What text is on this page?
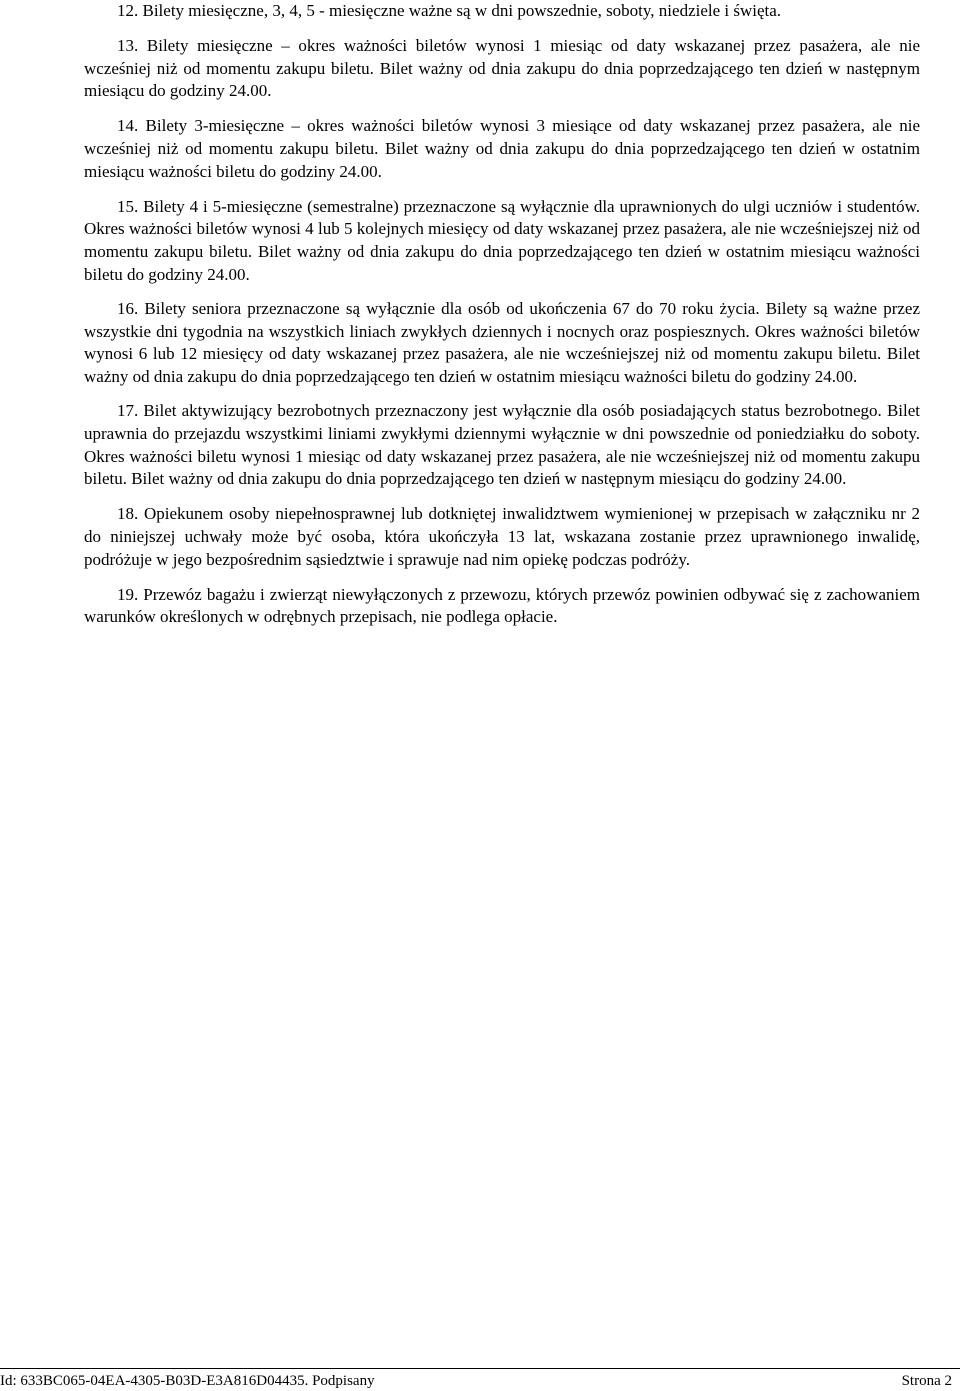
12. Bilety miesięczne, 3, 4, 5 - miesięczne ważne są w dni powszednie, soboty, niedziele i święta.

13. Bilety miesięczne – okres ważności biletów wynosi 1 miesiąc od daty wskazanej przez pasażera, ale nie wcześniej niż od momentu zakupu biletu. Bilet ważny od dnia zakupu do dnia poprzedzającego ten dzień w następnym miesiącu do godziny 24.00.

14. Bilety 3-miesięczne – okres ważności biletów wynosi 3 miesiące od daty wskazanej przez pasażera, ale nie wcześniej niż od momentu zakupu biletu. Bilet ważny od dnia zakupu do dnia poprzedzającego ten dzień w ostatnim miesiącu ważności biletu do godziny 24.00.

15. Bilety 4 i 5-miesięczne (semestralne) przeznaczone są wyłącznie dla uprawnionych do ulgi uczniów i studentów. Okres ważności biletów wynosi 4 lub 5 kolejnych miesięcy od daty wskazanej przez pasażera, ale nie wcześniejszej niż od momentu zakupu biletu. Bilet ważny od dnia zakupu do dnia poprzedzającego ten dzień w ostatnim miesiącu ważności biletu do godziny 24.00.

16. Bilety seniora przeznaczone są wyłącznie dla osób od ukończenia 67 do 70 roku życia. Bilety są ważne przez wszystkie dni tygodnia na wszystkich liniach zwykłych dziennych i nocnych oraz pospiesznych. Okres ważności biletów wynosi 6 lub 12 miesięcy od daty wskazanej przez pasażera, ale nie wcześniejszej niż od momentu zakupu biletu. Bilet ważny od dnia zakupu do dnia poprzedzającego ten dzień w ostatnim miesiącu ważności biletu do godziny 24.00.

17. Bilet aktywizujący bezrobotnych przeznaczony jest wyłącznie dla osób posiadających status bezrobotnego. Bilet uprawnia do przejazdu wszystkimi liniami zwykłymi dziennymi wyłącznie w dni powszednie od poniedziałku do soboty. Okres ważności biletu wynosi 1 miesiąc od daty wskazanej przez pasażera, ale nie wcześniejszej niż od momentu zakupu biletu. Bilet ważny od dnia zakupu do dnia poprzedzającego ten dzień w następnym miesiącu do godziny 24.00.

18. Opiekunem osoby niepełnosprawnej lub dotkniętej inwalidztwem wymienionej w przepisach w załączniku nr 2 do niniejszej uchwały może być osoba, która ukończyła 13 lat, wskazana zostanie przez uprawnionego inwalidę, podróżuje w jego bezpośrednim sąsiedztwie i sprawuje nad nim opiekę podczas podróży.

19. Przewóz bagażu i zwierząt niewyłączonych z przewozu, których przewóz powinien odbywać się z zachowaniem warunków określonych w odrębnych przepisach, nie podlega opłacie.

Id: 633BC065-04EA-4305-B03D-E3A816D04435. Podpisany	Strona 2
